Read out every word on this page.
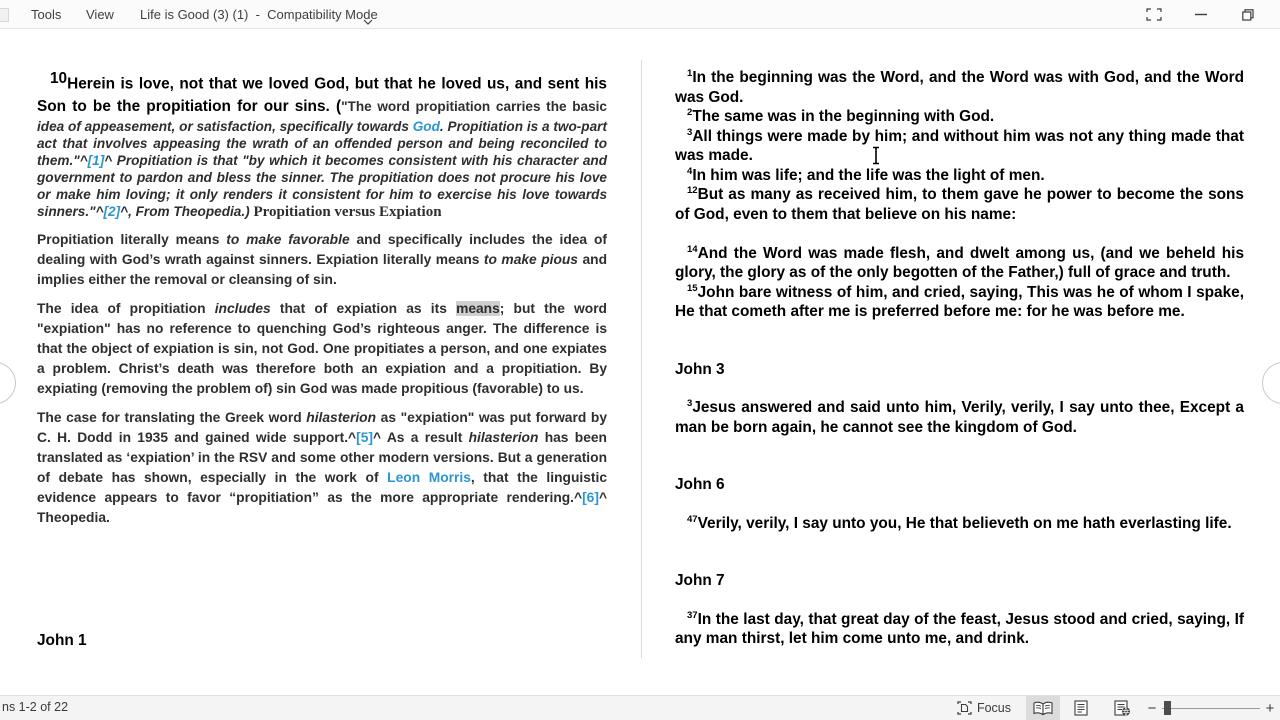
Tools View Life is Good (3) (1)  -  Compatibility Mode
$^{10}$Herein is love, not that we loved God, but that he loved us, and sent his Son to be the propitiation for our sins. ("The word propitiation carries the basic idea of appeasement, or satisfaction, specifically towards God. Propitiation is a two-part act that involves appeasing the wrath of an offended person and being reconciled to them."^[1]^ Propitiation is that "by which it becomes consistent with his character and government to pardon and bless the sinner. The propitiation does not procure his love or make him loving; it only renders it consistent for him to exercise his love towards sinners."^[2]^, From Theopedia.) Propitiation versus Expiation
Propitiation literally means to make favorable and specifically includes the idea of dealing with God’s wrath against sinners. Expiation literally means to make pious and implies either the removal or cleansing of sin.
The idea of propitiation includes that of expiation as its means; but the word "expiation" has no reference to quenching God’s righteous anger. The difference is that the object of expiation is sin, not God. One propitiates a person, and one expiates a problem. Christ’s death was therefore both an expiation and a propitiation. By expiating (removing the problem of) sin God was made propitious (favorable) to us.
The case for translating the Greek word hilasterion as "expiation" was put forward by C. H. Dodd in 1935 and gained wide support.^[5]^ As a result hilasterion has been translated as ‘expiation’ in the RSV and some other modern versions. But a generation of debate has shown, especially in the work of Leon Morris, that the linguistic evidence appears to favor “propitiation” as the more appropriate rendering.^[6]^ Theopedia.
John 1
$^1$In the beginning was the Word, and the Word was with God, and the Word was God.
$^2$The same was in the beginning with God.
$^3$All things were made by him; and without him was not any thing made that was made.
$^4$In him was life; and the life was the light of men.
$^{12}$But as many as received him, to them gave he power to become the sons of God, even to them that believe on his name:
$^{14}$And the Word was made flesh, and dwelt among us, (and we beheld his glory, the glory as of the only begotten of the Father,) full of grace and truth.
$^{15}$John bare witness of him, and cried, saying, This was he of whom I spake, He that cometh after me is preferred before me: for he was before me.
John 3
$^3$Jesus answered and said unto him, Verily, verily, I say unto thee, Except a man be born again, he cannot see the kingdom of God.
John 6
$^{47}$Verily, verily, I say unto you, He that believeth on me hath everlasting life.
John 7
$^{37}$In the last day, that great day of the feast, Jesus stood and cried, saying, If any man thirst, let him come unto me, and drink.
ns 1-2 of 22	Focus	−	+
